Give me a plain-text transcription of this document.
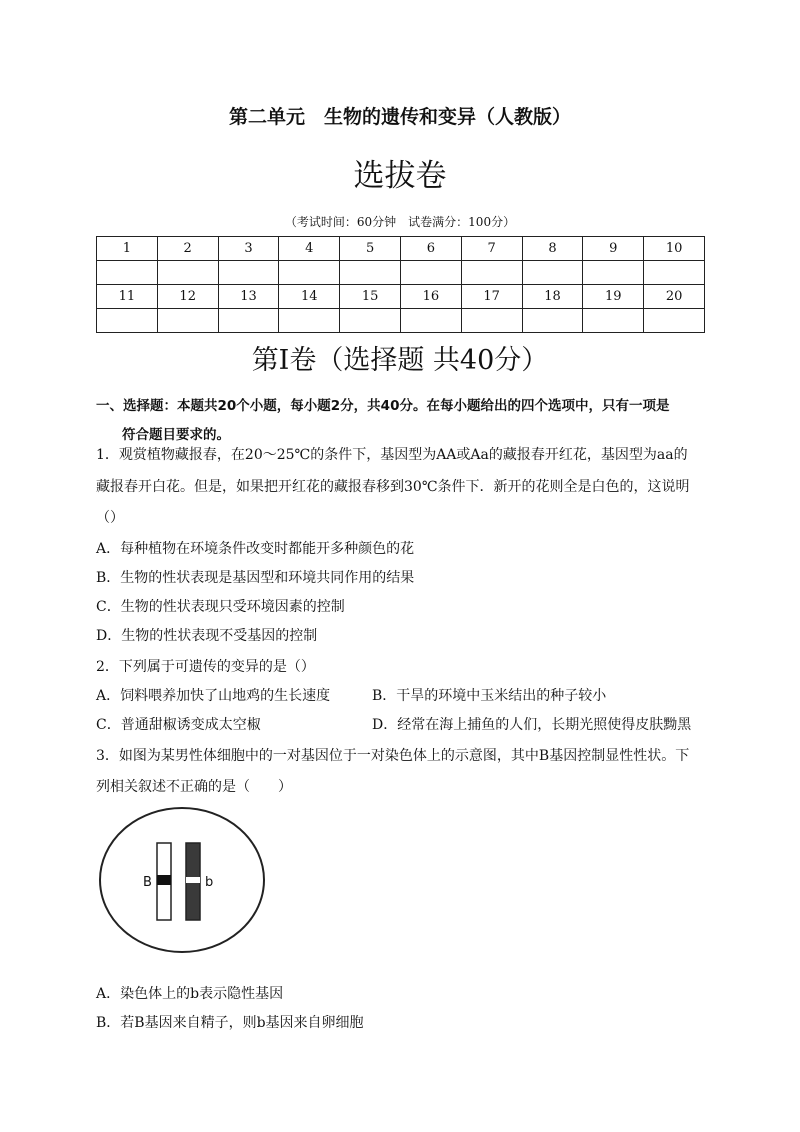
第二单元　生物的遗传和变异（人教版）
选拔卷
（考试时间：60分钟　试卷满分：100分）
1	2	3	4	5	6	7	8	9	10

11	12	13	14	15	16	17	18	19	20

第Ⅰ卷（选择题 共40分）
一、选择题：本题共20个小题，每小题2分，共40分。在每小题给出的四个选项中，只有一项是
符合题目要求的。
1．观赏植物藏报春，在20～25℃的条件下，基因型为AA或Aa的藏报春开红花，基因型为aa的
藏报春开白花。但是，如果把开红花的藏报春移到30℃条件下．新开的花则全是白色的，这说明
（）
A．每种植物在环境条件改变时都能开多种颜色的花
B．生物的性状表现是基因型和环境共同作用的结果
C．生物的性状表现只受环境因素的控制
D．生物的性状表现不受基因的控制
2．下列属于可遗传的变异的是（）
A．饲料喂养加快了山地鸡的生长速度	B．干旱的环境中玉米结出的种子较小
C．普通甜椒诱变成太空椒	D．经常在海上捕鱼的人们，长期光照使得皮肤黝黑
3．如图为某男性体细胞中的一对基因位于一对染色体上的示意图，其中B基因控制显性性状。下
列相关叙述不正确的是（　　）
B	b
A．染色体上的b表示隐性基因
B．若B基因来自精子，则b基因来自卵细胞
